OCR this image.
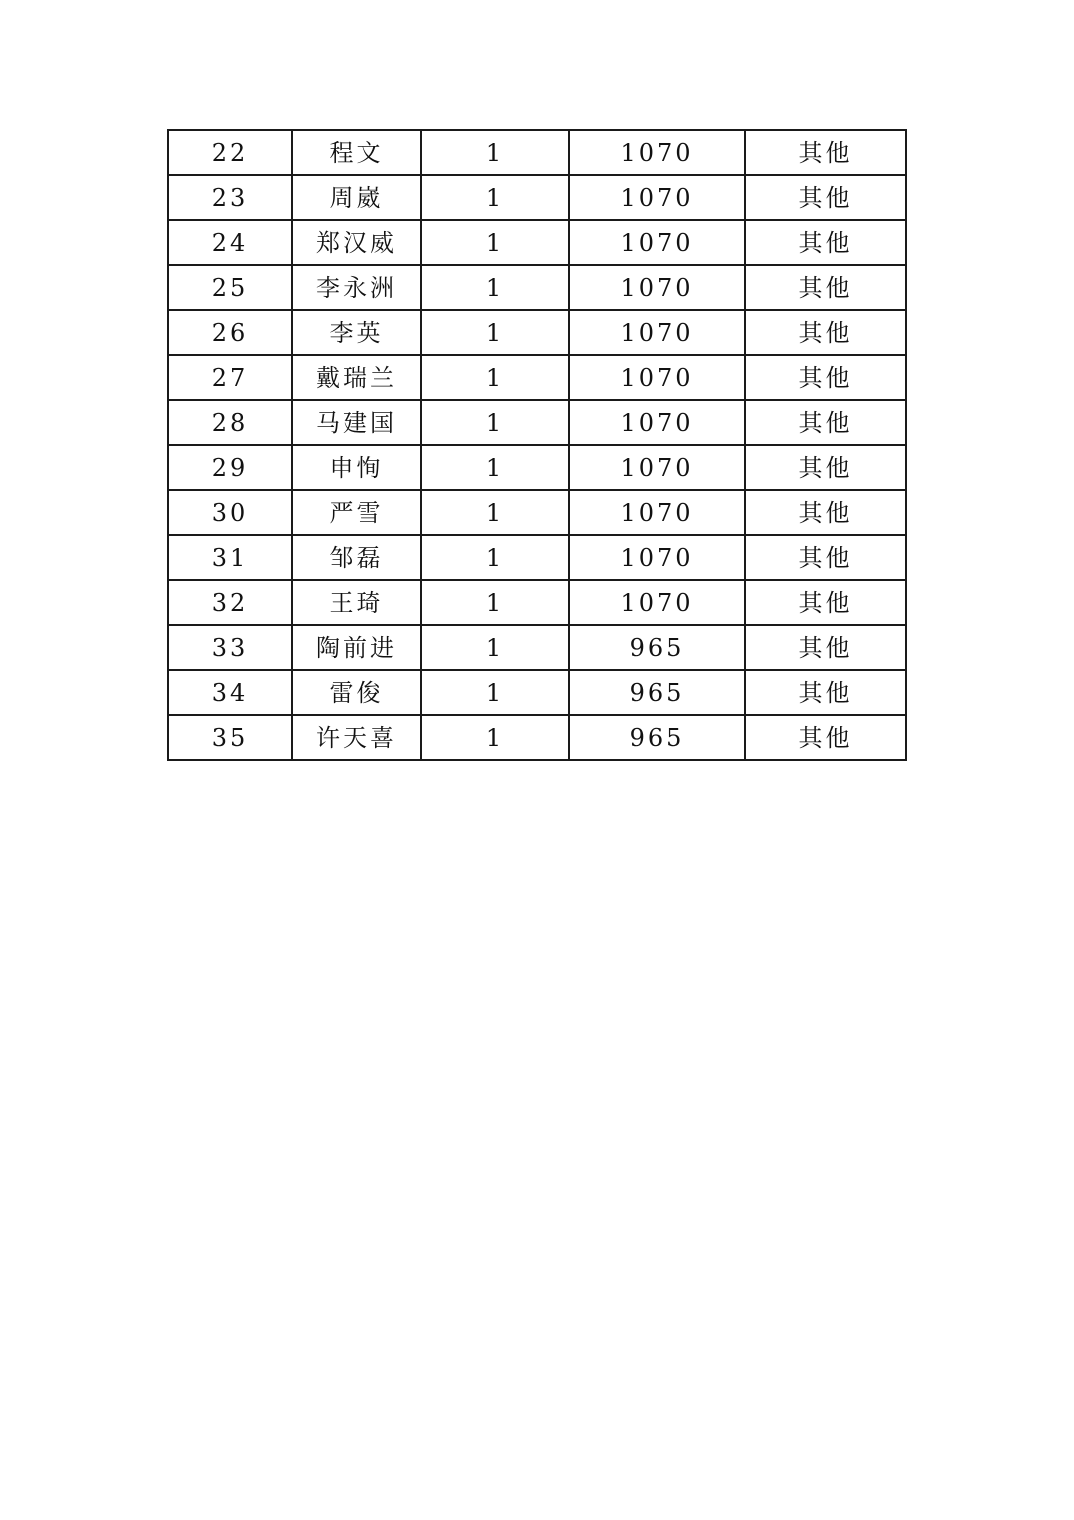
22	程文	1	1070	其他
23	周崴	1	1070	其他
24	郑汉威	1	1070	其他
25	李永洲	1	1070	其他
26	李英	1	1070	其他
27	戴瑞兰	1	1070	其他
28	马建国	1	1070	其他
29	申恂	1	1070	其他
30	严雪	1	1070	其他
31	邹磊	1	1070	其他
32	王琦	1	1070	其他
33	陶前进	1	965	其他
34	雷俊	1	965	其他
35	许天喜	1	965	其他
